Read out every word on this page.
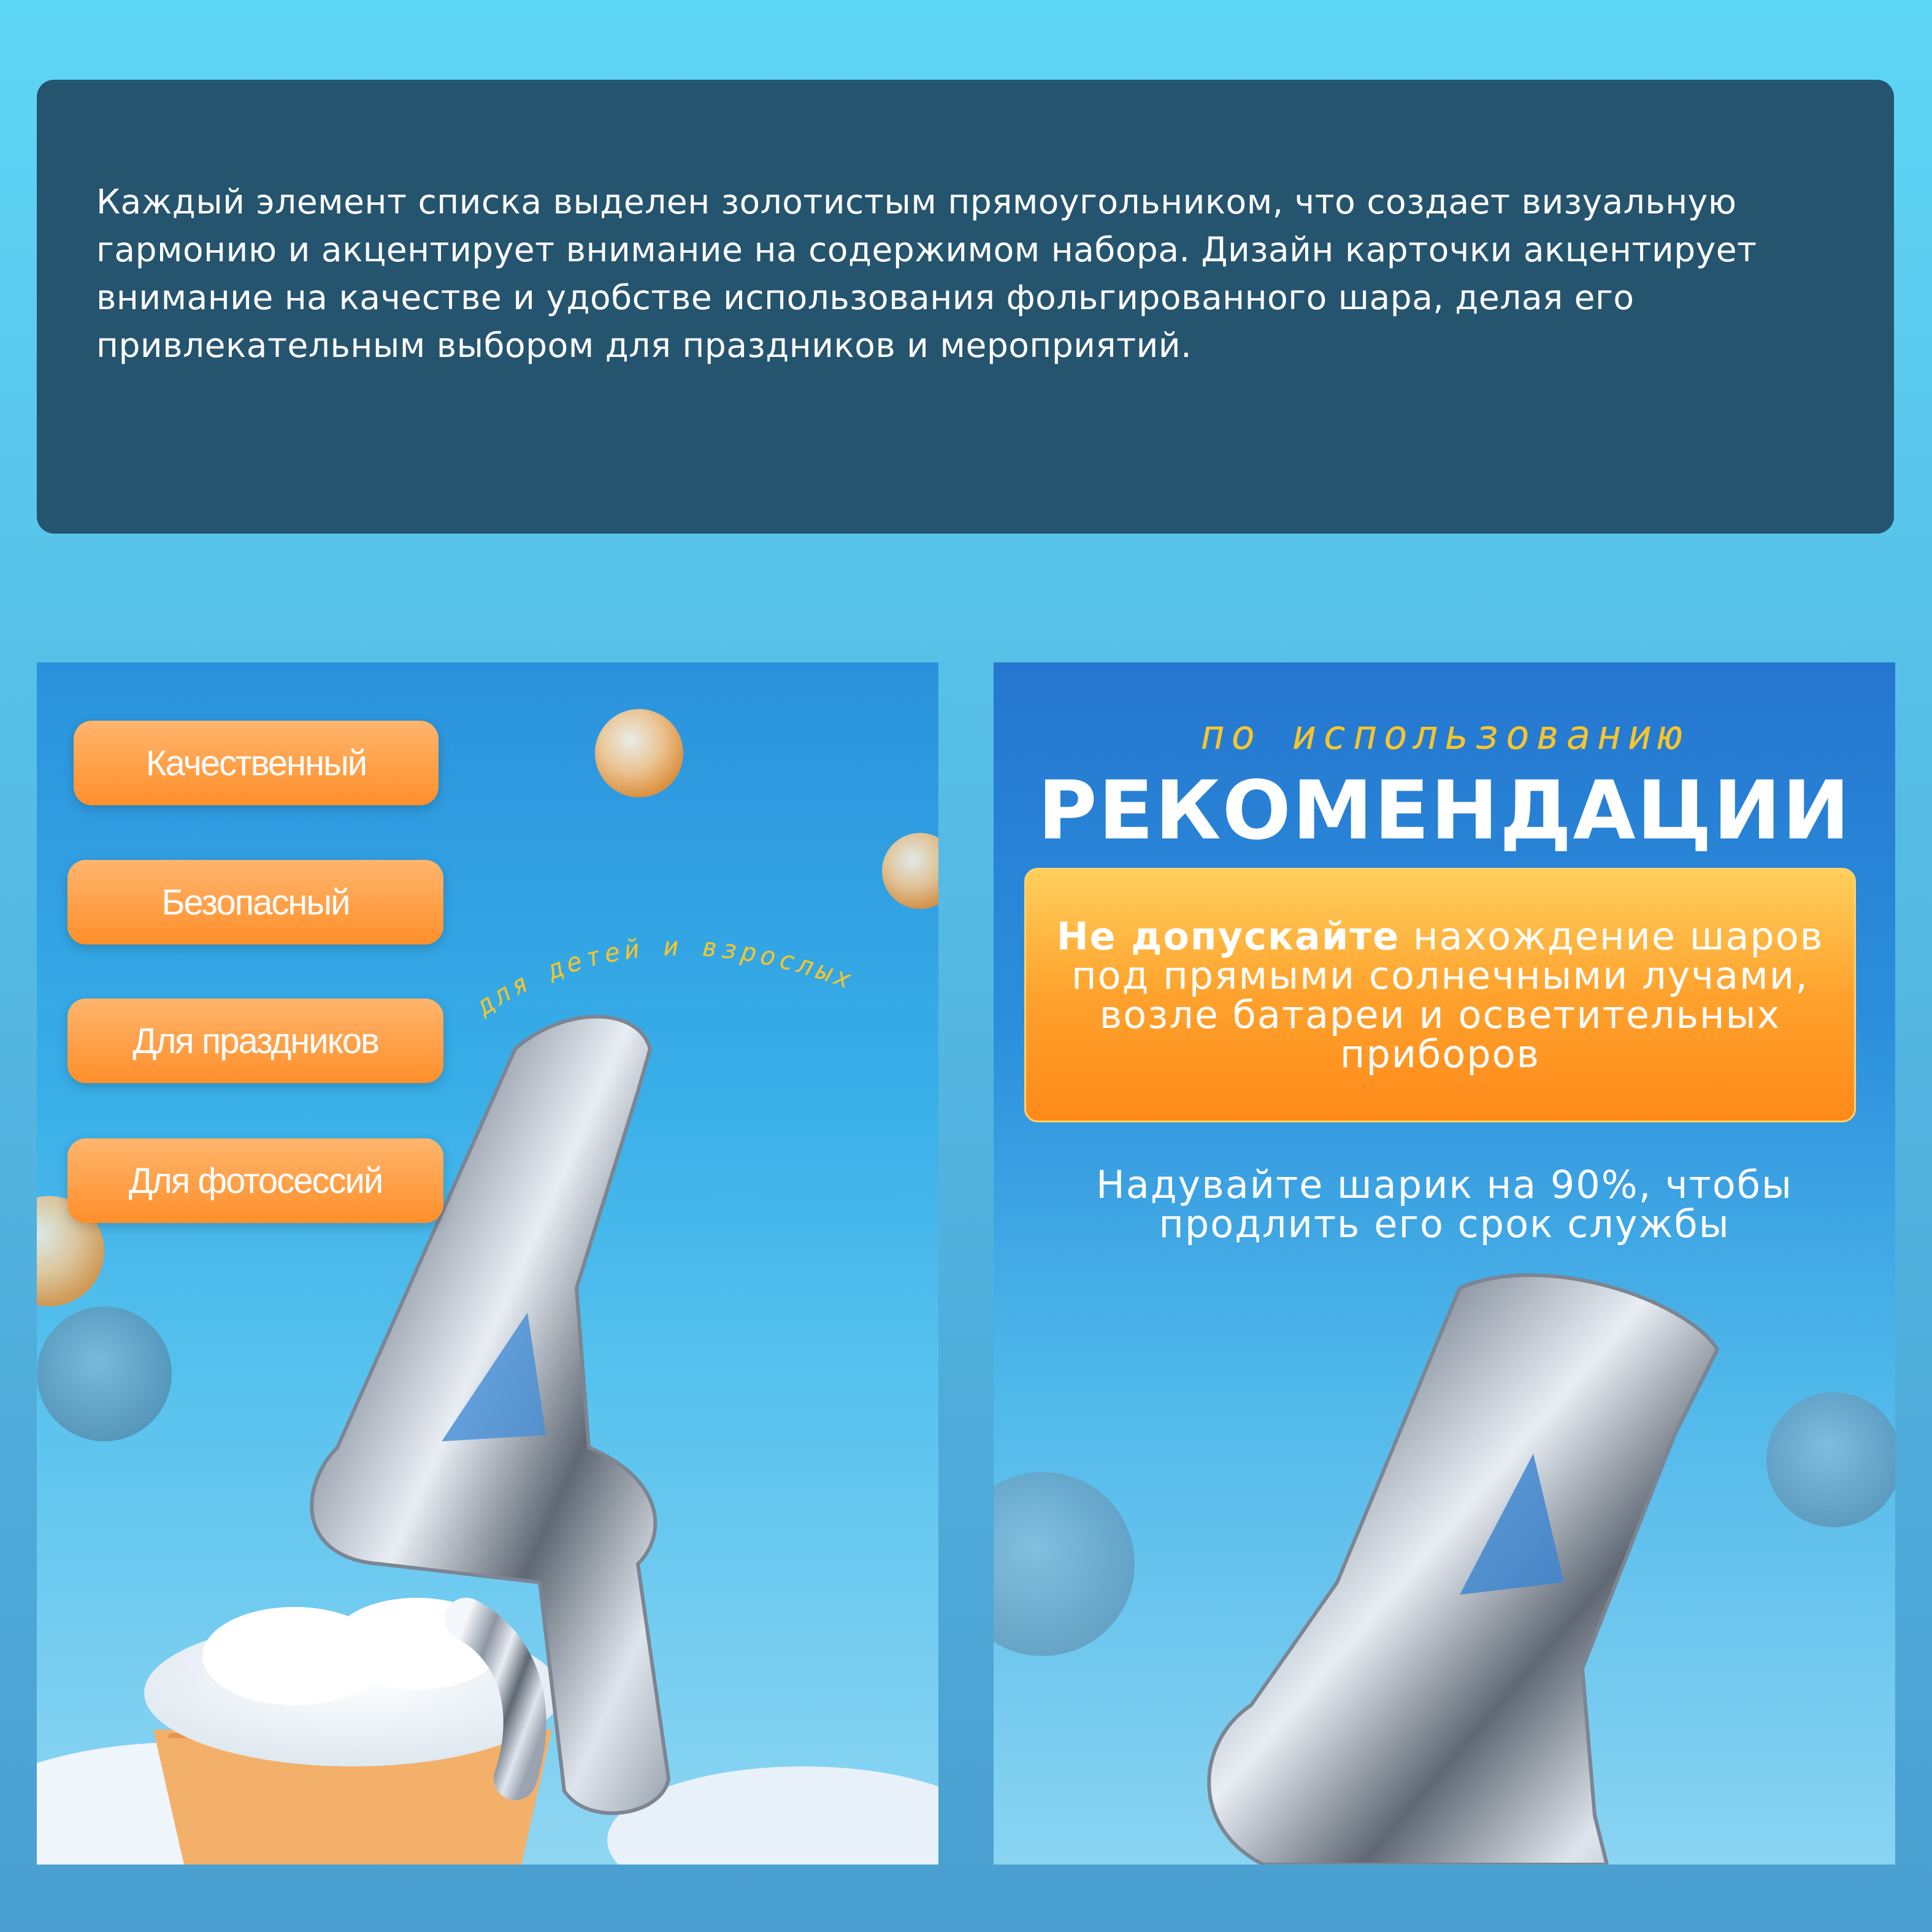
Каждый элемент списка выделен золотистым прямоугольником, что создает визуальную гармонию и акцентирует внимание на содержимом набора. Дизайн карточки акцентирует внимание на качестве и удобстве использования фольгированного шара, делая его привлекательным выбором для праздников и мероприятий.

Качественный
Безопасный
Для праздников
Для фотосессий
для детей и взрослых
по использованию
РЕКОМЕНДАЦИИ

Не допускайте нахождение шаров под прямыми солнечными лучами, возле батареи и осветительных приборов

Надувайте шарик на 90%, чтобы продлить его срок службы
